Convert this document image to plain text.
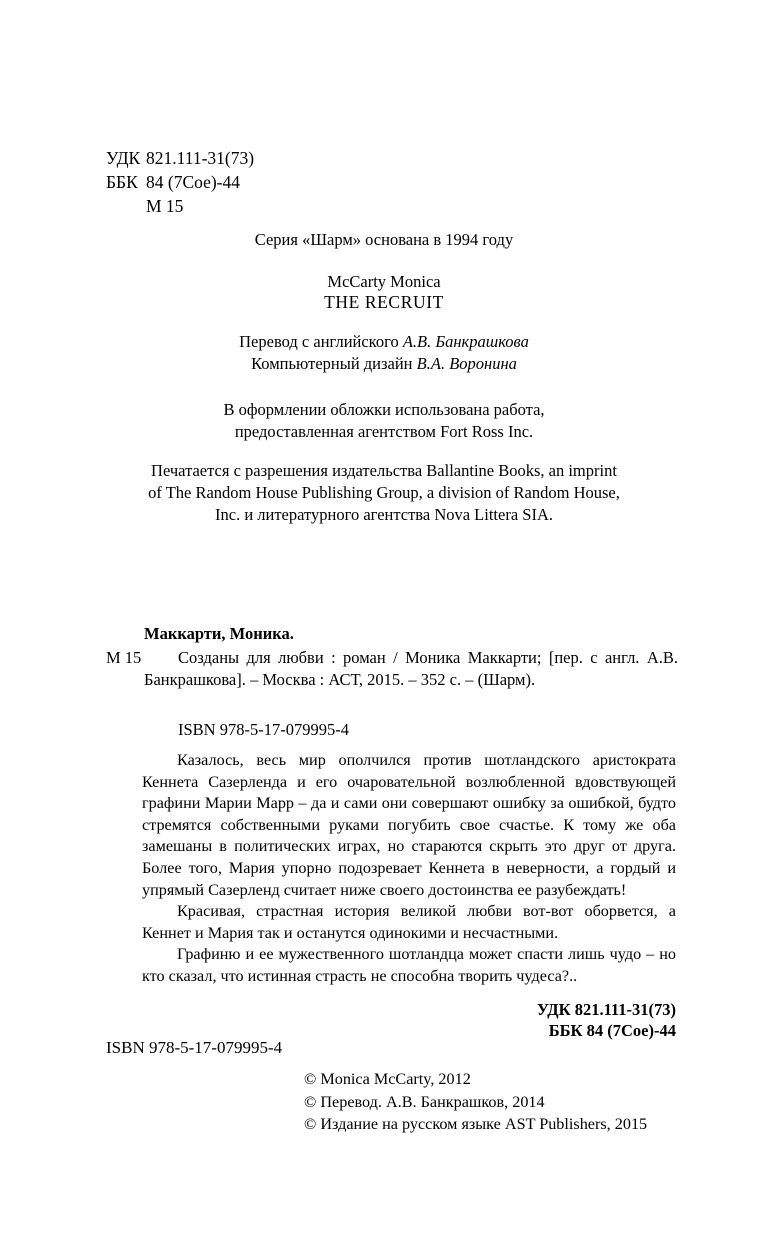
УДК 821.111-31(73)
ББК 84 (7Сое)-44
М 15
Серия «Шарм» основана в 1994 году
McCarty Monica
THE RECRUIT
Перевод с английского А.В. Банкрашкова
Компьютерный дизайн В.А. Воронина
В оформлении обложки использована работа,
предоставленная агентством Fort Ross Inc.
Печатается с разрешения издательства Ballantine Books, an imprint
of The Random House Publishing Group, a division of Random House,
Inc. и литературного агентства Nova Littera SIA.
Маккарти, Моника.
М 15 Созданы для любви : роман / Моника Маккарти; [пер. с англ. А.В. Банкрашкова]. – Москва : АСТ, 2015. – 352 с. – (Шарм).
ISBN 978-5-17-079995-4

Казалось, весь мир ополчился против шотландского аристократа Кеннета Сазерленда и его очаровательной возлюбленной вдовствующей графини Марии Марр – да и сами они совершают ошибку за ошибкой, будто стремятся собственными руками погубить свое счастье. К тому же оба замешаны в политических играх, но стараются скрыть это друг от друга. Более того, Мария упорно подозревает Кеннета в неверности, а гордый и упрямый Сазерленд считает ниже своего достоинства ее разубеждать!

Красивая, страстная история великой любви вот-вот оборвется, а Кеннет и Мария так и останутся одинокими и несчастными.

Графиню и ее мужественного шотландца может спасти лишь чудо – но кто сказал, что истинная страсть не способна творить чудеса?..

УДК 821.111-31(73)
ББК 84 (7Сое)-44
ISBN 978-5-17-079995-4
© Monica McCarty, 2012
© Перевод. А.В. Банкрашков, 2014
© Издание на русском языке AST Publishers, 2015
